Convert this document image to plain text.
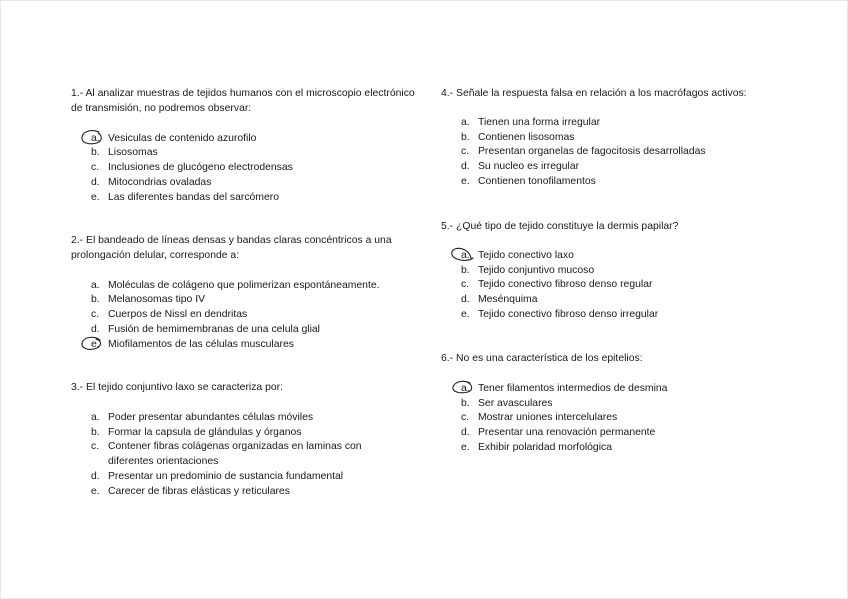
1.- Al analizar muestras de tejidos humanos con el microscopio electrónico de transmisión, no podremos observar:

a. Vesiculas de contenido azurofilo
b. Lisosomas
c. Inclusiones de glucógeno electrodensas
d. Mitocondrias ovaladas
e. Las diferentes bandas del sarcómero

2.- El bandeado de líneas densas y bandas claras concéntricos a una prolongación delular, corresponde a:

a. Moléculas de colágeno que polimerizan espontáneamente.
b. Melanosomas tipo IV
c. Cuerpos de Nissl en dendritas
d. Fusión de hemimembranas de una celula glial
e. Miofilamentos de las células musculares

3.- El tejido conjuntivo laxo se caracteriza por:

a. Poder presentar abundantes células móviles
b. Formar la capsula de glándulas y órganos
c. Contener fibras colágenas organizadas en laminas con diferentes orientaciones
d. Presentar un predominio de sustancia fundamental
e. Carecer de fibras elásticas y reticulares

4.- Señale la respuesta falsa en relación a los macrófagos activos:

a. Tienen una forma irregular
b. Contienen lisosomas
c. Presentan organelas de fagocitosis desarrolladas
d. Su nucleo es irregular
e. Contienen tonofilamentos

5.- ¿Qué tipo de tejido constituye la dermis papilar?

a. Tejido conectivo laxo
b. Tejido conjuntivo mucoso
c. Tejido conectivo fibroso denso regular
d. Mesénquima
e. Tejido conectivo fibroso denso irregular

6.- No es una característica de los epitelios:

a. Tener filamentos intermedios de desmina
b. Ser avasculares
c. Mostrar uniones intercelulares
d. Presentar una renovación permanente
e. Exhibir polaridad morfológica
